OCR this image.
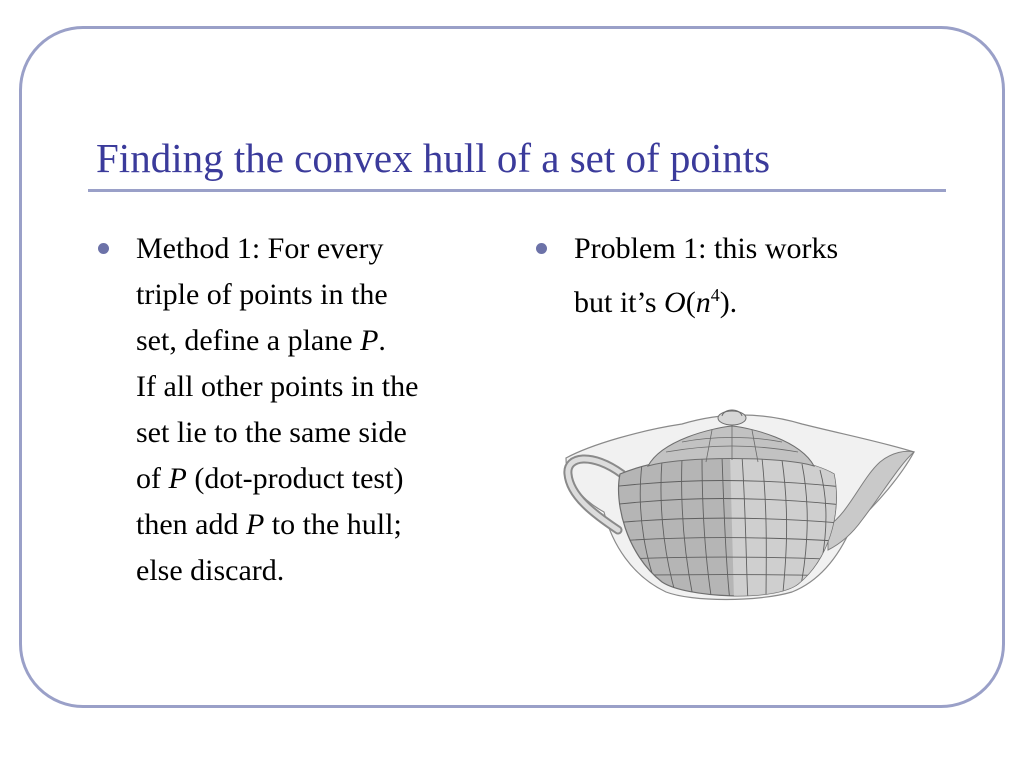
Finding the convex hull of a set of points
Method 1: For every
triple of points in the
set, define a plane P.
If all other points in the
set lie to the same side
of P (dot-product test)
then add P to the hull;
else discard.
Problem 1: this works
but it’s $O(n^4)$.
